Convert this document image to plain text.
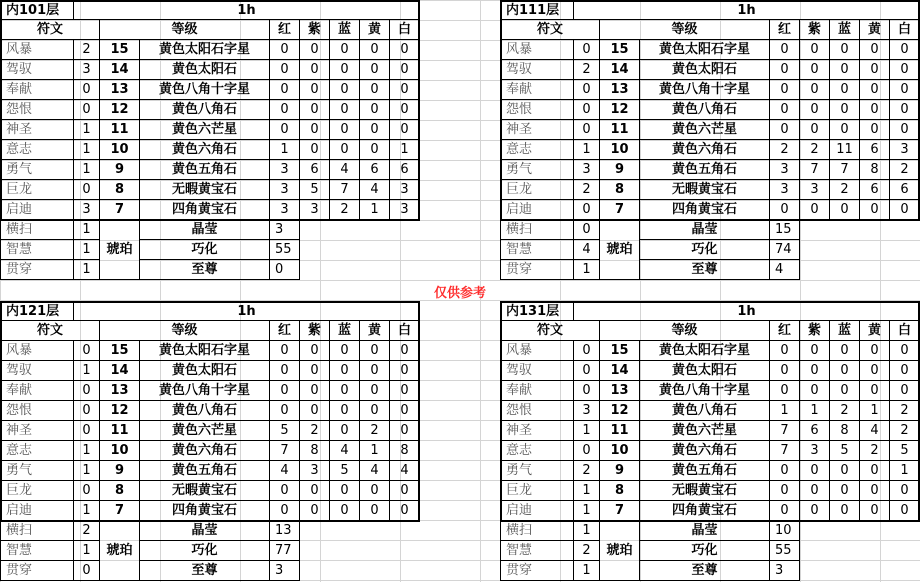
内101层	1h
符文	等级	红	紫	蓝	黄	白
风暴	2	15	黄色太阳石字星	0	0	0	0	0
驾驭	3	14	黄色太阳石	0	0	0	0	0
奉献	0	13	黄色八角十字星	0	0	0	0	0
怨恨	0	12	黄色八角石	0	0	0	0	0
神圣	1	11	黄色六芒星	0	0	0	0	0
意志	1	10	黄色六角石	1	0	0	0	1
勇气	1	9	黄色五角石	3	6	4	6	6
巨龙	0	8	无暇黄宝石	3	5	7	4	3
启迪	3	7	四角黄宝石	3	3	2	1	3
横扫	1	晶莹	3
智慧	1	巧化	55
贯穿	1	至尊	0
琥珀
内111层	1h
符文	等级	红	紫	蓝	黄	白
风暴	0	15	黄色太阳石字星	0	0	0	0	0
驾驭	2	14	黄色太阳石	0	0	0	0	0
奉献	0	13	黄色八角十字星	0	0	0	0	0
怨恨	0	12	黄色八角石	0	0	0	0	0
神圣	0	11	黄色六芒星	0	0	0	0	0
意志	1	10	黄色六角石	2	2	11	6	3
勇气	3	9	黄色五角石	3	7	7	8	2
巨龙	2	8	无暇黄宝石	3	3	2	6	6
启迪	0	7	四角黄宝石	0	0	0	0	0
横扫	0	晶莹	15
智慧	4	巧化	74
贯穿	1	至尊	4
琥珀
内121层	1h
符文	等级	红	紫	蓝	黄	白
风暴	0	15	黄色太阳石字星	0	0	0	0	0
驾驭	1	14	黄色太阳石	0	0	0	0	0
奉献	0	13	黄色八角十字星	0	0	0	0	0
怨恨	0	12	黄色八角石	0	0	0	0	0
神圣	0	11	黄色六芒星	5	2	0	2	0
意志	1	10	黄色六角石	7	8	4	1	8
勇气	1	9	黄色五角石	4	3	5	4	4
巨龙	0	8	无暇黄宝石	0	0	0	0	0
启迪	1	7	四角黄宝石	0	0	0	0	0
横扫	2	晶莹	13
智慧	1	巧化	77
贯穿	0	至尊	3
琥珀
内131层	1h
符文	等级	红	紫	蓝	黄	白
风暴	0	15	黄色太阳石字星	0	0	0	0	0
驾驭	0	14	黄色太阳石	0	0	0	0	0
奉献	0	13	黄色八角十字星	0	0	0	0	0
怨恨	3	12	黄色八角石	1	1	2	1	2
神圣	1	11	黄色六芒星	7	6	8	4	2
意志	0	10	黄色六角石	7	3	5	2	5
勇气	2	9	黄色五角石	0	0	0	0	1
巨龙	1	8	无暇黄宝石	0	0	0	0	0
启迪	1	7	四角黄宝石	0	0	0	0	0
横扫	1	晶莹	10
智慧	2	巧化	55
贯穿	1	至尊	3
琥珀
仅供参考
